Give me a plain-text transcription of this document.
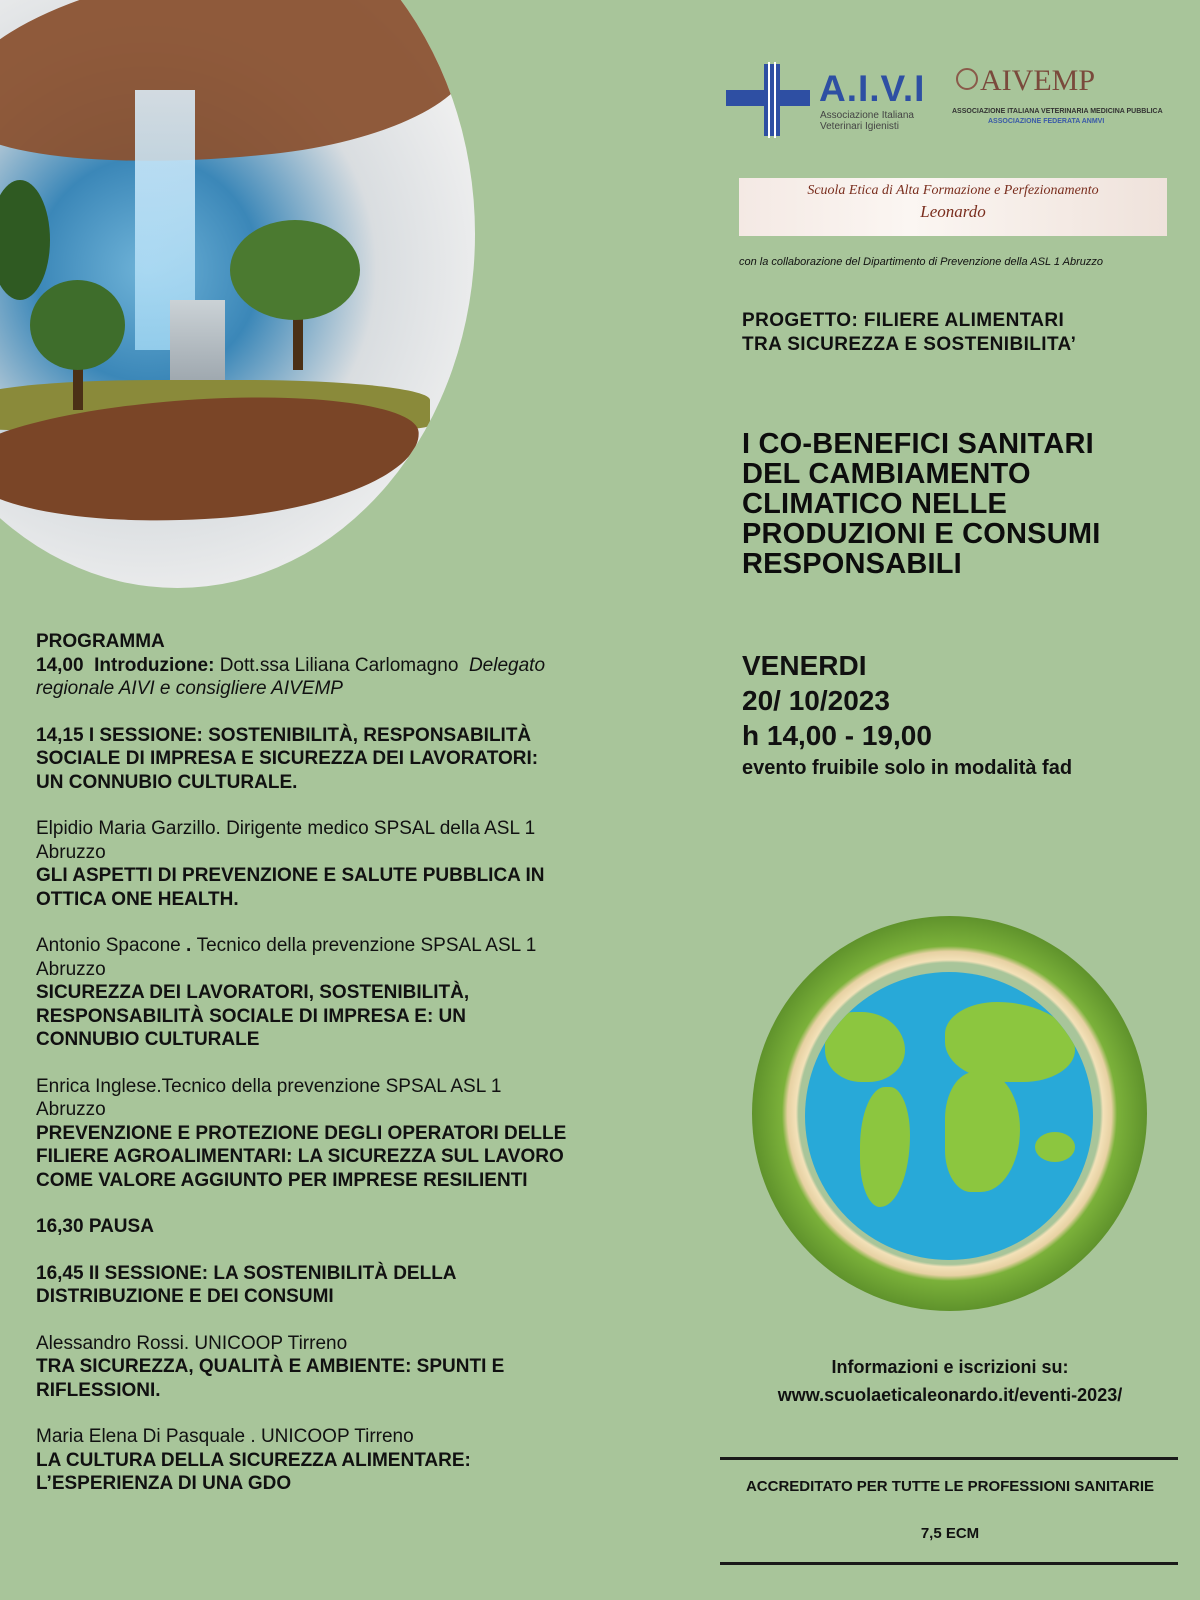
A.I.V.I
Associazione Italiana
Veterinari Igienisti
AIVEMP
ASSOCIAZIONE ITALIANA VETERINARIA MEDICINA PUBBLICA
ASSOCIAZIONE FEDERATA ANMVI
Scuola Etica di Alta Formazione e Perfezionamento
Leonardo
con la collaborazione del Dipartimento di Prevenzione della ASL 1 Abruzzo
PROGETTO: FILIERE ALIMENTARI
TRA SICUREZZA E SOSTENIBILITA’
I CO-BENEFICI SANITARI
DEL CAMBIAMENTO
CLIMATICO NELLE
PRODUZIONI E CONSUMI
RESPONSABILI
VENERDI
20/ 10/2023
h 14,00 - 19,00
evento fruibile solo in modalità fad
PROGRAMMA
14,00 Introduzione: Dott.ssa Liliana Carlomagno Delegato
regionale AIVI e consigliere AIVEMP
14,15 I SESSIONE: SOSTENIBILITÀ, RESPONSABILITÀ
SOCIALE DI IMPRESA E SICUREZZA DEI LAVORATORI:
UN CONNUBIO CULTURALE.
Elpidio Maria Garzillo. Dirigente medico SPSAL della ASL 1
Abruzzo
GLI ASPETTI DI PREVENZIONE E SALUTE PUBBLICA IN
OTTICA ONE HEALTH.
Antonio Spacone . Tecnico della prevenzione SPSAL ASL 1
Abruzzo
SICUREZZA DEI LAVORATORI, SOSTENIBILITÀ,
RESPONSABILITÀ SOCIALE DI IMPRESA E: UN
CONNUBIO CULTURALE
Enrica Inglese.Tecnico della prevenzione SPSAL ASL 1
Abruzzo
PREVENZIONE E PROTEZIONE DEGLI OPERATORI DELLE
FILIERE AGROALIMENTARI: LA SICUREZZA SUL LAVORO
COME VALORE AGGIUNTO PER IMPRESE RESILIENTI
16,30 PAUSA
16,45 II SESSIONE: LA SOSTENIBILITÀ DELLA
DISTRIBUZIONE E DEI CONSUMI
Alessandro Rossi. UNICOOP Tirreno
TRA SICUREZZA, QUALITÀ E AMBIENTE: SPUNTI E
RIFLESSIONI.
Maria Elena Di Pasquale . UNICOOP Tirreno
LA CULTURA DELLA SICUREZZA ALIMENTARE:
L’ESPERIENZA DI UNA GDO
Informazioni e iscrizioni su:
www.scuolaeticaleonardo.it/eventi-2023/
ACCREDITATO PER TUTTE LE PROFESSIONI SANITARIE
7,5 ECM
